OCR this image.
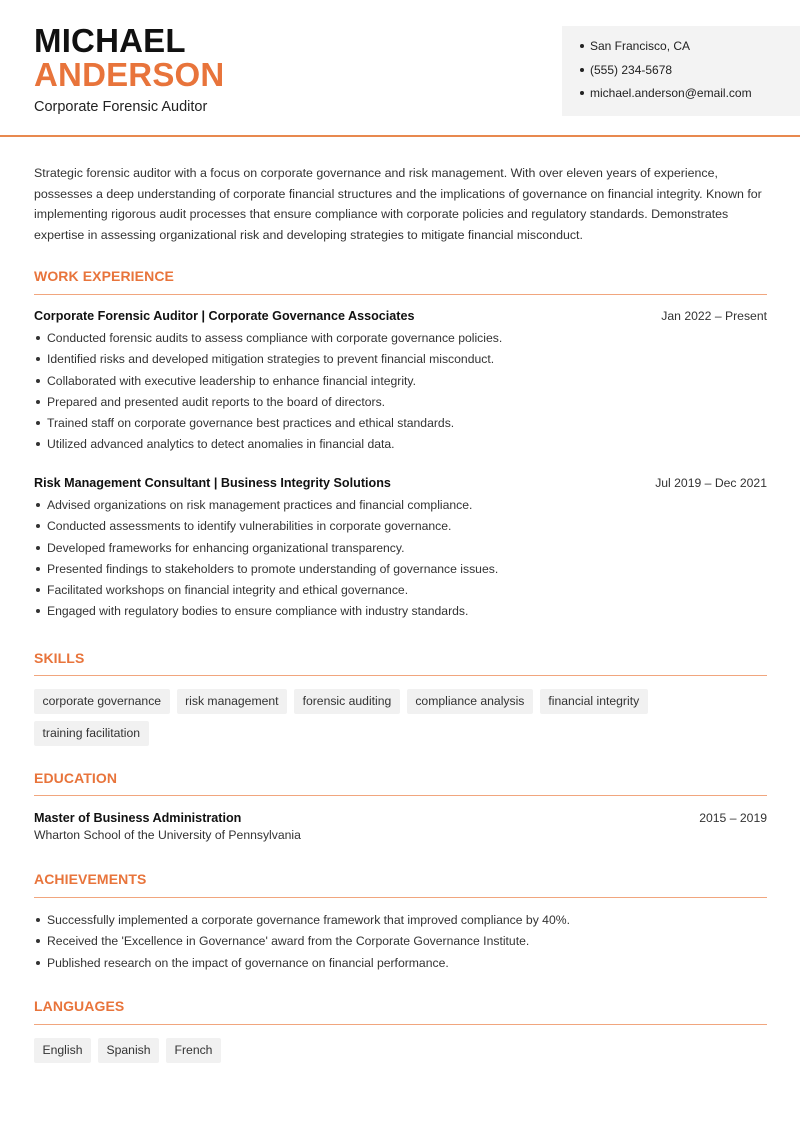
MICHAEL
ANDERSON
Corporate Forensic Auditor
San Francisco, CA
(555) 234-5678
michael.anderson@email.com

Strategic forensic auditor with a focus on corporate governance and risk management. With over eleven years of experience, possesses a deep understanding of corporate financial structures and the implications of governance on financial integrity. Known for implementing rigorous audit processes that ensure compliance with corporate policies and regulatory standards. Demonstrates expertise in assessing organizational risk and developing strategies to mitigate financial misconduct.

WORK EXPERIENCE
Corporate Forensic Auditor | Corporate Governance Associates	Jan 2022 – Present
Conducted forensic audits to assess compliance with corporate governance policies.
Identified risks and developed mitigation strategies to prevent financial misconduct.
Collaborated with executive leadership to enhance financial integrity.
Prepared and presented audit reports to the board of directors.
Trained staff on corporate governance best practices and ethical standards.
Utilized advanced analytics to detect anomalies in financial data.
Risk Management Consultant | Business Integrity Solutions	Jul 2019 – Dec 2021
Advised organizations on risk management practices and financial compliance.
Conducted assessments to identify vulnerabilities in corporate governance.
Developed frameworks for enhancing organizational transparency.
Presented findings to stakeholders to promote understanding of governance issues.
Facilitated workshops on financial integrity and ethical governance.
Engaged with regulatory bodies to ensure compliance with industry standards.
SKILLS
corporate governance	risk management	forensic auditing	compliance analysis	financial integrity
training facilitation
EDUCATION
Master of Business Administration	2015 – 2019
Wharton School of the University of Pennsylvania
ACHIEVEMENTS
Successfully implemented a corporate governance framework that improved compliance by 40%.
Received the 'Excellence in Governance' award from the Corporate Governance Institute.
Published research on the impact of governance on financial performance.
LANGUAGES
English	Spanish	French
